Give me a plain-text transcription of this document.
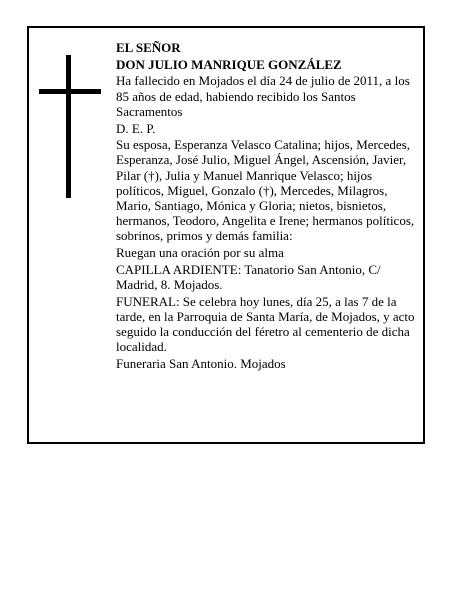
EL SEÑOR

DON JULIO MANRIQUE GONZÁLEZ

Ha fallecido en Mojados el día 24 de julio de 2011, a los 85 años de edad, habiendo recibido los Santos Sacramentos

D. E. P.

Su esposa, Esperanza Velasco Catalina; hijos, Mercedes, Esperanza, José Julio, Miguel Ángel, Ascensión, Javier, Pilar (†), Julia y Manuel Manrique Velasco; hijos políticos, Miguel, Gonzalo (†), Mercedes, Milagros, Mario, Santiago, Mónica y Gloria; nietos, bisnietos, hermanos, Teodoro, Angelita e Irene; hermanos políticos, sobrinos, primos y demás familia:

Ruegan una oración por su alma

CAPILLA ARDIENTE: Tanatorio San Antonio, C/ Madrid, 8. Mojados.

FUNERAL: Se celebra hoy lunes, día 25, a las 7 de la tarde, en la Parroquia de Santa María, de Mojados, y acto seguido la conducción del féretro al cementerio de dicha localidad.

Funeraria San Antonio. Mojados
